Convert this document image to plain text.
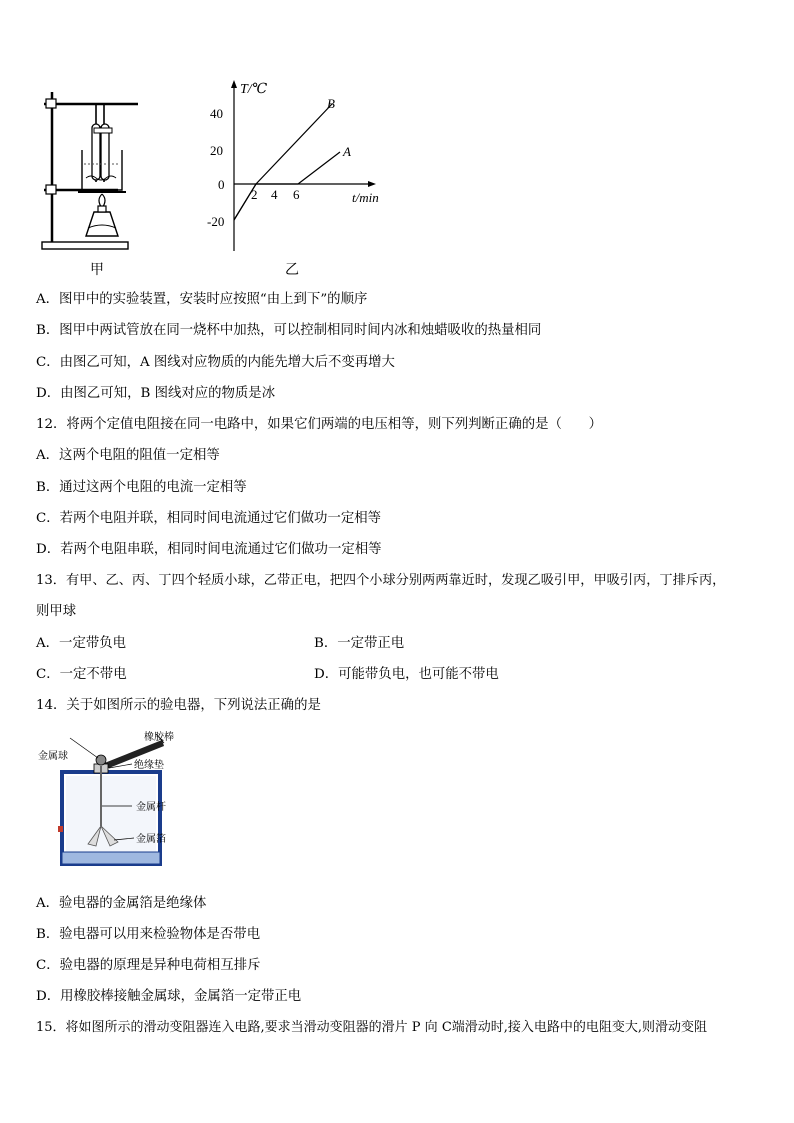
甲
T/℃
t/min
40
20
0
-20
2 4 6
B
A
乙
A．图甲中的实验装置，安装时应按照“由上到下”的顺序
B．图甲中两试管放在同一烧杯中加热，可以控制相同时间内冰和烛蜡吸收的热量相同
C．由图乙可知，A 图线对应物质的内能先增大后不变再增大
D．由图乙可知，B 图线对应的物质是冰
12．将两个定值电阻接在同一电路中，如果它们两端的电压相等，则下列判断正确的是（　　）
A．这两个电阻的阻值一定相等
B．通过这两个电阻的电流一定相等
C．若两个电阻并联，相同时间电流通过它们做功一定相等
D．若两个电阻串联，相同时间电流通过它们做功一定相等
13．有甲、乙、丙、丁四个轻质小球，乙带正电，把四个小球分别两两靠近时，发现乙吸引甲，甲吸引丙，丁排斥丙，
则甲球
A．一定带负电	B．一定带正电
C．一定不带电	D．可能带负电，也可能不带电
14．关于如图所示的验电器，下列说法正确的是
金属球
橡胶棒
绝缘垫
金属杆
金属箔
A．验电器的金属箔是绝缘体
B．验电器可以用来检验物体是否带电
C．验电器的原理是异种电荷相互排斥
D．用橡胶棒接触金属球，金属箔一定带正电
15．将如图所示的滑动变阻器连入电路,要求当滑动变阻器的滑片 P 向 C端滑动时,接入电路中的电阻变大,则滑动变阻
